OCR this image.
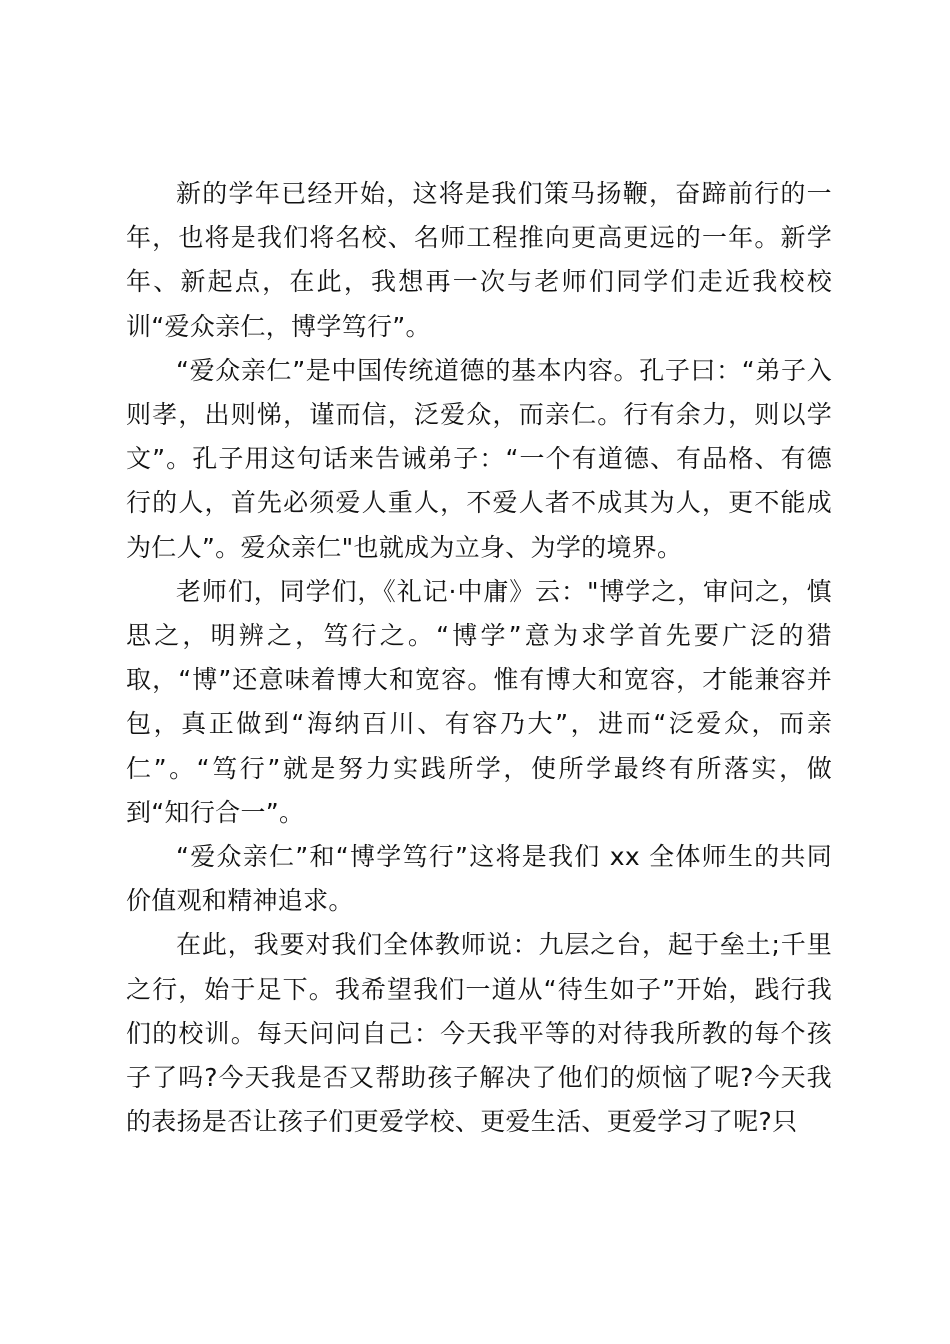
新的学年已经开始，这将是我们策马扬鞭，奋蹄前行的一年，也将是我们将名校、名师工程推向更高更远的一年。新学年、新起点，在此，我想再一次与老师们同学们走近我校校训“爱众亲仁，博学笃行”。

“爱众亲仁”是中国传统道德的基本内容。孔子曰：“弟子入则孝，出则悌，谨而信，泛爱众，而亲仁。行有余力，则以学文”。孔子用这句话来告诫弟子：“一个有道德、有品格、有德行的人，首先必须爱人重人，不爱人者不成其为人，更不能成为仁人”。爱众亲仁"也就成为立身、为学的境界。

老师们，同学们，《礼记·中庸》云："博学之，审问之，慎思之，明辨之，笃行之。“博学”意为求学首先要广泛的猎取，“博”还意味着博大和宽容。惟有博大和宽容，才能兼容并包，真正做到“海纳百川、有容乃大”，进而“泛爱众，而亲仁”。“笃行”就是努力实践所学，使所学最终有所落实，做到“知行合一”。

“爱众亲仁”和“博学笃行”这将是我们 xx 全体师生的共同价值观和精神追求。

在此，我要对我们全体教师说：九层之台，起于垒土;千里之行，始于足下。我希望我们一道从“待生如子”开始，践行我们的校训。每天问问自己：今天我平等的对待我所教的每个孩子了吗?今天我是否又帮助孩子解决了他们的烦恼了呢?今天我的表扬是否让孩子们更爱学校、更爱生活、更爱学习了呢?只
